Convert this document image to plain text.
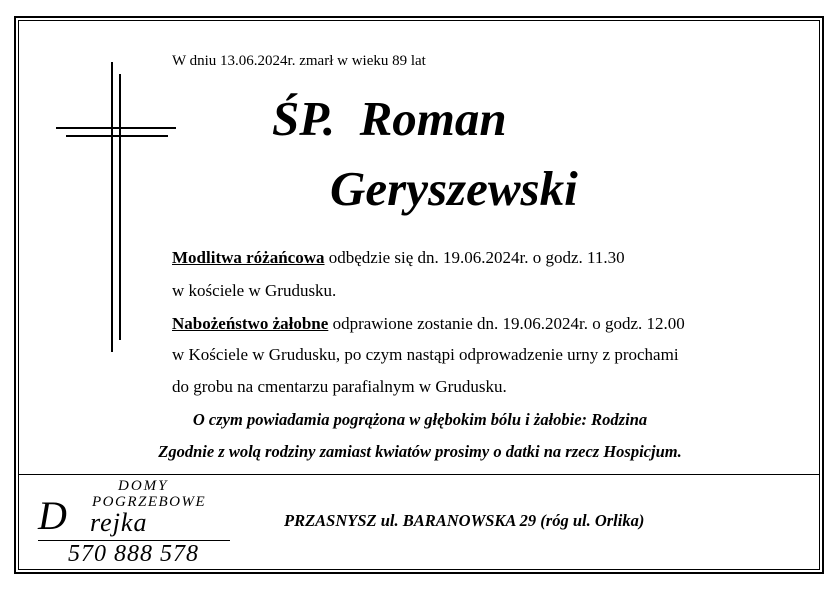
W dniu 13.06.2024r. zmarł w wieku 89 lat
ŚP.  Roman
Geryszewski
Modlitwa różańcowa odbędzie się dn. 19.06.2024r. o godz. 11.30
w kościele w Grudusku.
Nabożeństwo żałobne odprawione zostanie dn. 19.06.2024r. o godz. 12.00
w Kościele w Grudusku, po czym nastąpi odprowadzenie urny z prochami
do grobu na cmentarzu parafialnym w Grudusku.
O czym powiadamia pogrążona w głębokim bólu i żałobie: Rodzina
Zgodnie z wolą rodziny zamiast kwiatów prosimy o datki na rzecz Hospicjum.
DOMY
POGRZEBOWE
D rejka
570 888 578
PRZASNYSZ ul. BARANOWSKA 29 (róg ul. Orlika)
